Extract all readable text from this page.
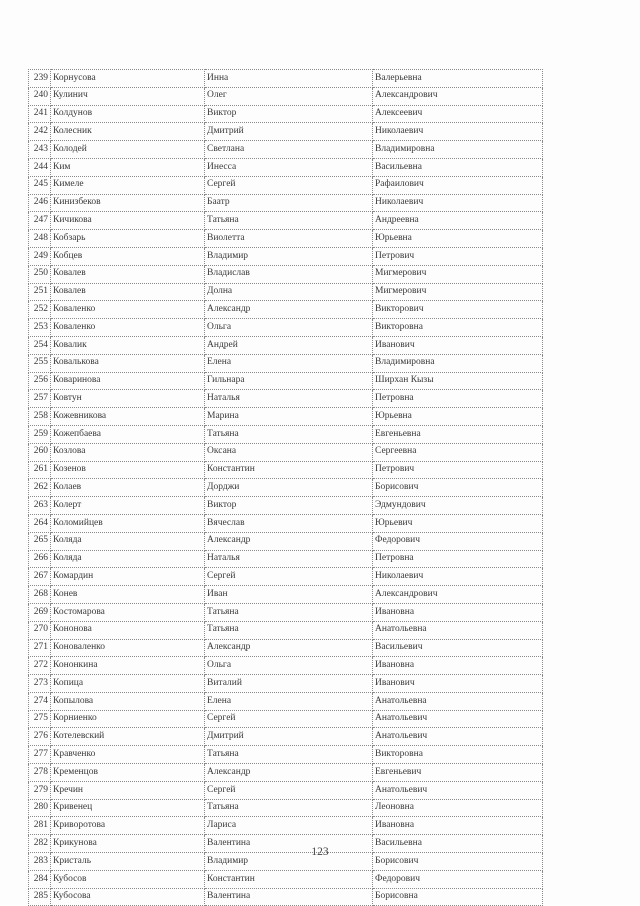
239	Корнусова	Инна	Валерьевна
240	Кулинич	Олег	Александрович
241	Колдунов	Виктор	Алексеевич
242	Колесник	Дмитрий	Николаевич
243	Колодей	Светлана	Владимировна
244	Ким	Инесса	Васильевна
245	Кимеле	Сергей	Рафаилович
246	Кинизбеков	Баатр	Николаевич
247	Кичикова	Татьяна	Андреевна
248	Кобзарь	Виолетта	Юрьевна
249	Кобцев	Владимир	Петрович
250	Ковалев	Владислав	Мигмерович
251	Ковалев	Долна	Мигмерович
252	Коваленко	Александр	Викторович
253	Коваленко	Ольга	Викторовна
254	Ковалик	Андрей	Иванович
255	Ковалькова	Елена	Владимировна
256	Коваринова	Гильнара	Ширхан Кызы
257	Ковтун	Наталья	Петровна
258	Кожевникова	Марина	Юрьевна
259	Кожепбаева	Татьяна	Евгеньевна
260	Козлова	Оксана	Сергеевна
261	Козенов	Константин	Петрович
262	Колаев	Дорджи	Борисович
263	Колерт	Виктор	Эдмундович
264	Коломийцев	Вячеслав	Юрьевич
265	Коляда	Александр	Федорович
266	Коляда	Наталья	Петровна
267	Комардин	Сергей	Николаевич
268	Конев	Иван	Александрович
269	Костомарова	Татьяна	Ивановна
270	Кононова	Татьяна	Анатольевна
271	Коноваленко	Александр	Васильевич
272	Кононкина	Ольга	Ивановна
273	Копица	Виталий	Иванович
274	Копылова	Елена	Анатольевна
275	Корниенко	Сергей	Анатольевич
276	Котелевский	Дмитрий	Анатольевич
277	Кравченко	Татьяна	Викторовна
278	Кременцов	Александр	Евгеньевич
279	Кречин	Сергей	Анатольевич
280	Кривенец	Татьяна	Леоновна
281	Криворотова	Лариса	Ивановна
282	Крикунова	Валентина	Васильевна
283	Кристаль	Владимир	Борисович
284	Кубосов	Константин	Федорович
285	Кубосова	Валентина	Борисовна
123
